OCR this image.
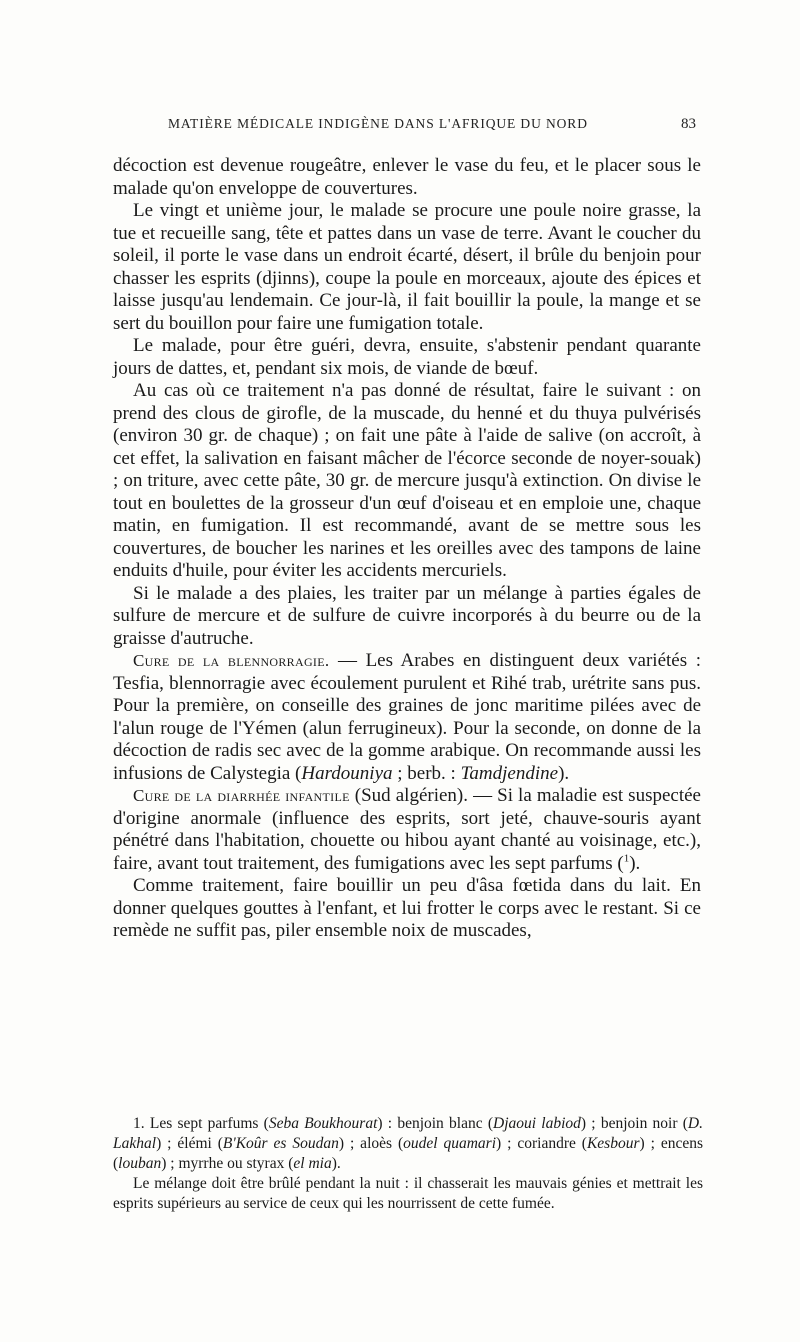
MATIÈRE MÉDICALE INDIGÈNE DANS L'AFRIQUE DU NORD	83

décoction est devenue rougeâtre, enlever le vase du feu, et le placer sous le malade qu'on enveloppe de couvertures.

Le vingt et unième jour, le malade se procure une poule noire grasse, la tue et recueille sang, tête et pattes dans un vase de terre. Avant le coucher du soleil, il porte le vase dans un endroit écarté, désert, il brûle du benjoin pour chasser les esprits (djinns), coupe la poule en morceaux, ajoute des épices et laisse jusqu'au lendemain. Ce jour-là, il fait bouillir la poule, la mange et se sert du bouillon pour faire une fumigation totale.

Le malade, pour être guéri, devra, ensuite, s'abstenir pendant quarante jours de dattes, et, pendant six mois, de viande de bœuf.

Au cas où ce traitement n'a pas donné de résultat, faire le suivant : on prend des clous de girofle, de la muscade, du henné et du thuya pulvérisés (environ 30 gr. de chaque) ; on fait une pâte à l'aide de salive (on accroît, à cet effet, la salivation en faisant mâcher de l'écorce seconde de noyer-souak) ; on triture, avec cette pâte, 30 gr. de mercure jusqu'à extinction. On divise le tout en boulettes de la grosseur d'un œuf d'oiseau et en emploie une, chaque matin, en fumigation. Il est recommandé, avant de se mettre sous les couvertures, de boucher les narines et les oreilles avec des tampons de laine enduits d'huile, pour éviter les accidents mercuriels.

Si le malade a des plaies, les traiter par un mélange à parties égales de sulfure de mercure et de sulfure de cuivre incorporés à du beurre ou de la graisse d'autruche.

Cure de la blennorragie. — Les Arabes en distinguent deux variétés : Tesfia, blennorragie avec écoulement purulent et Rihé trab, urétrite sans pus. Pour la première, on conseille des graines de jonc maritime pilées avec de l'alun rouge de l'Yémen (alun ferrugineux). Pour la seconde, on donne de la décoction de radis sec avec de la gomme arabique. On recommande aussi les infusions de Calystegia (Hardouniya ; berb. : Tamdjendine).

Cure de la diarrhée infantile (Sud algérien). — Si la maladie est suspectée d'origine anormale (influence des esprits, sort jeté, chauve-souris ayant pénétré dans l'habitation, chouette ou hibou ayant chanté au voisinage, etc.), faire, avant tout traitement, des fumigations avec les sept parfums ($^1$).

Comme traitement, faire bouillir un peu d'âsa fœtida dans du lait. En donner quelques gouttes à l'enfant, et lui frotter le corps avec le restant. Si ce remède ne suffit pas, piler ensemble noix de muscades,

1. Les sept parfums (Seba Boukhourat) : benjoin blanc (Djaoui labiod) ; benjoin noir (D. Lakhal) ; élémi (B'Koûr es Soudan) ; aloès (oudel quamari) ; coriandre (Kesbour) ; encens (louban) ; myrrhe ou styrax (el mia).

Le mélange doit être brûlé pendant la nuit : il chasserait les mauvais génies et mettrait les esprits supérieurs au service de ceux qui les nourrissent de cette fumée.
